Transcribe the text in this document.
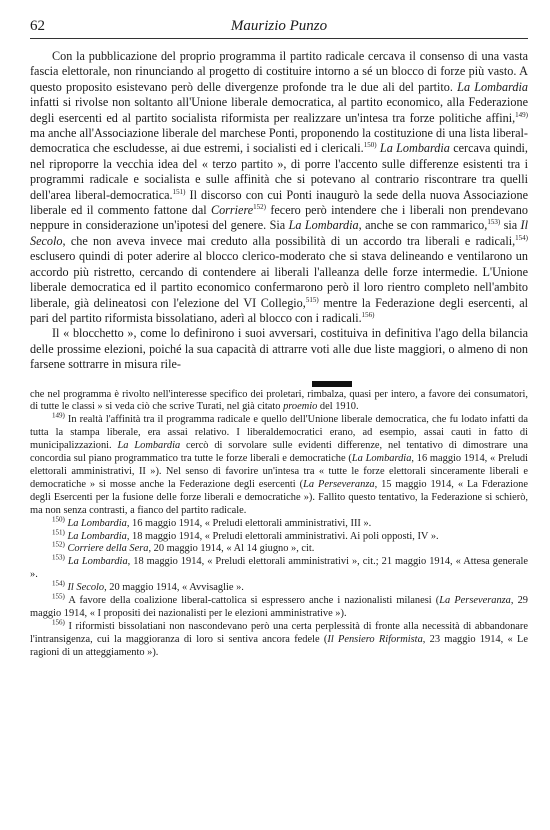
62	Maurizio Punzo

Con la pubblicazione del proprio programma il partito radicale cercava il consenso di una vasta fascia elettorale, non rinunciando al progetto di costituire intorno a sé un blocco di forze più vasto. A questo proposito esistevano però delle divergenze profonde tra le due ali del partito. La Lombardia infatti si rivolse non soltanto all'Unione liberale democratica, al partito economico, alla Federazione degli esercenti ed al partito socialista riformista per realizzare un'intesa tra forze politiche affini,$^{149)}$ ma anche all'Associazione liberale del marchese Ponti, proponendo la costituzione di una lista liberal-democratica che escludesse, ai due estremi, i socialisti ed i clericali.$^{150)}$ La Lombardia cercava quindi, nel riproporre la vecchia idea del « terzo partito », di porre l'accento sulle differenze esistenti tra i programmi radicale e socialista e sulle affinità che si potevano al contrario riscontrare tra quelli dell'area liberal-democratica.$^{151)}$ Il discorso con cui Ponti inaugurò la sede della nuova Associazione liberale ed il commento fattone dal Corriere$^{152)}$ fecero però intendere che i liberali non prendevano neppure in considerazione un'ipotesi del genere. Sia La Lombardia, anche se con rammarico,$^{153)}$ sia Il Secolo, che non aveva invece mai creduto alla possibilità di un accordo tra liberali e radicali,$^{154)}$ esclusero quindi di poter aderire al blocco clerico-moderato che si stava delineando e ventilarono un accordo più ristretto, cercando di contendere ai liberali l'alleanza delle forze intermedie. L'Unione liberale democratica ed il partito economico confermarono però il loro rientro completo nell'ambito liberale, già delineatosi con l'elezione del VI Collegio,$^{515)}$ mentre la Federazione degli esercenti, al pari del partito riformista bissolatiano, aderì al blocco con i radicali.$^{156)}$

Il « blocchetto », come lo definirono i suoi avversari, costituiva in definitiva l'ago della bilancia delle prossime elezioni, poiché la sua capacità di attrarre voti alle due liste maggiori, o almeno di non farsene sottrarre in misura rile-

che nel programma è rivolto nell'interesse specifico dei proletari, rimbalza, quasi per intero, a favore dei consumatori, di tutte le classi » si veda ciò che scrive Turati, nel già citato proemio del 1910.

$^{149)}$ In realtà l'affinità tra il programma radicale e quello dell'Unione liberale democratica, che fu lodato infatti da tutta la stampa liberale, era assai relativo. I liberaldemocratici erano, ad esempio, assai cauti in fatto di municipalizzazioni. La Lombardia cercò di sorvolare sulle evidenti differenze, nel tentativo di dimostrare una concordia sul piano programmatico tra tutte le forze liberali e democratiche (La Lombardia, 16 maggio 1914, « Preludi elettorali amministrativi, II »). Nel senso di favorire un'intesa tra « tutte le forze elettorali sinceramente liberali e democratiche » si mosse anche la Federazione degli esercenti (La Perseveranza, 15 maggio 1914, « La Fderazione degli Esercenti per la fusione delle forze liberali e democratiche »). Fallito questo tentativo, la Federazione si schierò, ma non senza contrasti, a fianco del partito radicale.

$^{150)}$ La Lombardia, 16 maggio 1914, « Preludi elettorali amministrativi, III ».

$^{151)}$ La Lombardia, 18 maggio 1914, « Preludi elettorali amministrativi. Ai poli opposti, IV ».

$^{152)}$ Corriere della Sera, 20 maggio 1914, « Al 14 giugno », cit.

$^{153)}$ La Lombardia, 18 maggio 1914, « Preludi elettorali amministrativi », cit.; 21 maggio 1914, « Attesa generale ».

$^{154)}$ Il Secolo, 20 maggio 1914, « Avvisaglie ».

$^{155)}$ A favore della coalizione liberal-cattolica si espressero anche i nazionalisti milanesi (La Perseveranza, 29 maggio 1914, « I propositi dei nazionalisti per le elezioni amministrative »).

$^{156)}$ I riformisti bissolatiani non nascondevano però una certa perplessità di fronte alla necessità di abbandonare l'intransigenza, cui la maggioranza di loro si sentiva ancora fedele (Il Pensiero Riformista, 23 maggio 1914, « Le ragioni di un atteggiamento »).
